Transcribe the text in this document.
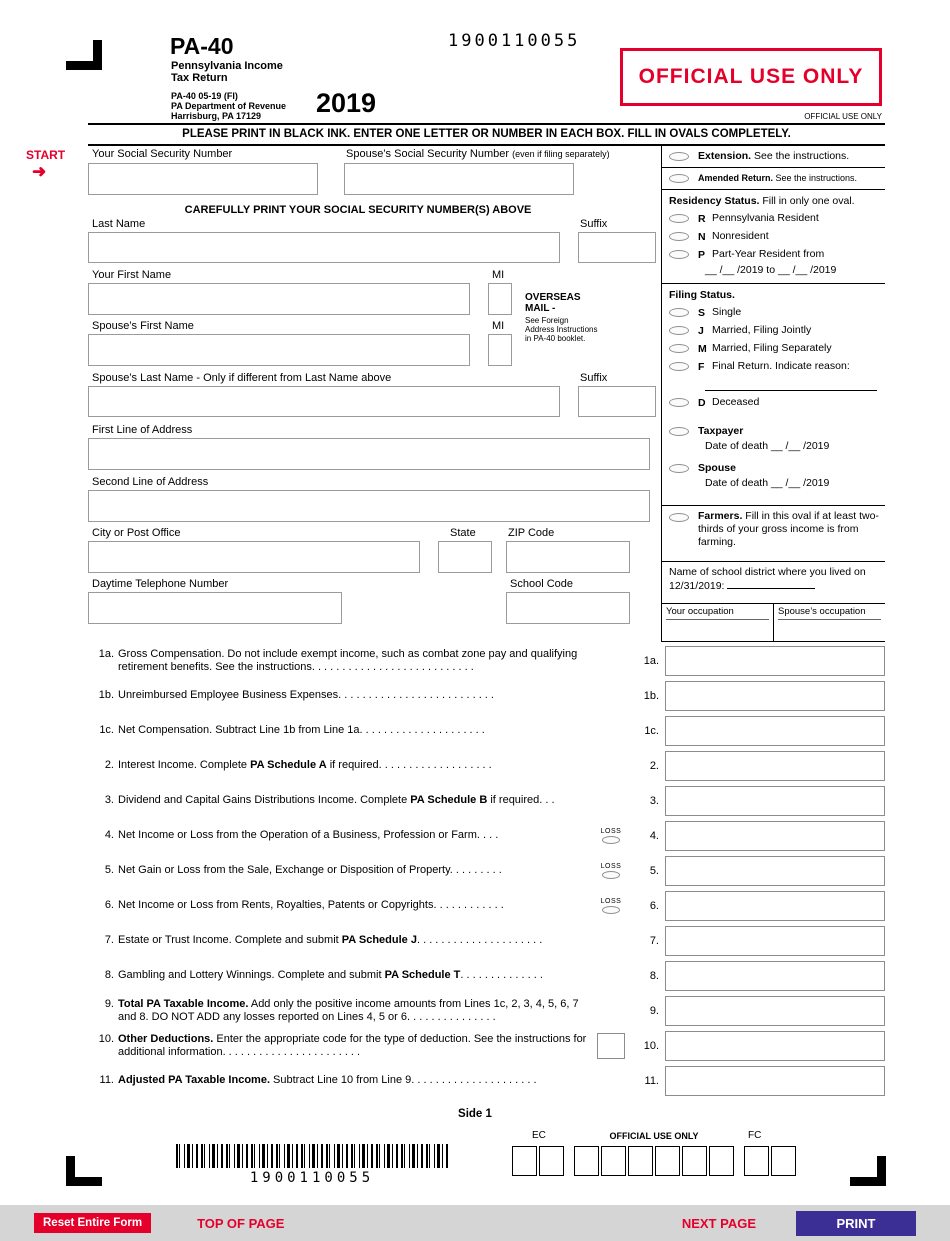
1900110055
PA-40
Pennsylvania Income
Tax Return
PA-40 05-19 (FI)
PA Department of Revenue
Harrisburg, PA 17129	2019
OFFICIAL USE ONLY
OFFICIAL USE ONLY
PLEASE PRINT IN BLACK INK. ENTER ONE LETTER OR NUMBER IN EACH BOX. FILL IN OVALS COMPLETELY.
START
➜
Your Social Security Number	Spouse’s Social Security Number (even if filing separately)
CAREFULLY PRINT YOUR SOCIAL SECURITY NUMBER(S) ABOVE
Last Name	Suffix
Your First Name	MI
OVERSEAS
MAIL -
See Foreign
Address Instructions
in PA-40 booklet.
Spouse’s First Name	MI
Spouse’s Last Name - Only if different from Last Name above	Suffix
First Line of Address
Second Line of Address
City or Post Office	State	ZIP Code
Daytime Telephone Number	School Code
Extension. See the instructions.
Amended Return. See the instructions.
Residency Status. Fill in only one oval.
R Pennsylvania Resident
N Nonresident
P Part-Year Resident from
__ /__ /2019 to __ /__ /2019
Filing Status.
S Single
J Married, Filing Jointly
M Married, Filing Separately
F Final Return. Indicate reason:
D Deceased
Taxpayer
Date of death __ /__ /2019
Spouse
Date of death __ /__ /2019
Farmers. Fill in this oval if at least two-thirds of your gross income is from farming.
Name of school district where you lived on 12/31/2019:
Your occupation	Spouse’s occupation
1a. Gross Compensation. Do not include exempt income, such as combat zone pay and qualifying retirement benefits. See the instructions. . . . . . . . . . . . . . . . . . . . . . . . . . .	1a.
1b. Unreimbursed Employee Business Expenses. . . . . . . . . . . . . . . . . . . . . . . . . .	1b.
1c. Net Compensation. Subtract Line 1b from Line 1a. . . . . . . . . . . . . . . . . . . . .	1c.
2. Interest Income. Complete PA Schedule A if required. . . . . . . . . . . . . . . . . . .	2.
3. Dividend and Capital Gains Distributions Income. Complete PA Schedule B if required. . .	3.
4. Net Income or Loss from the Operation of a Business, Profession or Farm. . . .	LOSS	4.
5. Net Gain or Loss from the Sale, Exchange or Disposition of Property. . . . . . . . .	LOSS	5.
6. Net Income or Loss from Rents, Royalties, Patents or Copyrights. . . . . . . . . . . .	LOSS	6.
7. Estate or Trust Income. Complete and submit PA Schedule J. . . . . . . . . . . . . . . . . . . . .	7.
8. Gambling and Lottery Winnings. Complete and submit PA Schedule T. . . . . . . . . . . . . .	8.
9. Total PA Taxable Income. Add only the positive income amounts from Lines 1c, 2, 3, 4, 5, 6, 7 and 8. DO NOT ADD any losses reported on Lines 4, 5 or 6. . . . . . . . . . . . . . .	9.
10. Other Deductions. Enter the appropriate code for the type of deduction. See the instructions for additional information. . . . . . . . . . . . . . . . . . . . . . .	10.
11. Adjusted PA Taxable Income. Subtract Line 10 from Line 9. . . . . . . . . . . . . . . . . . . . .	11.
Side 1
1900110055
EC	OFFICIAL USE ONLY	FC
Reset Entire Form	TOP OF PAGE	NEXT PAGE	PRINT
